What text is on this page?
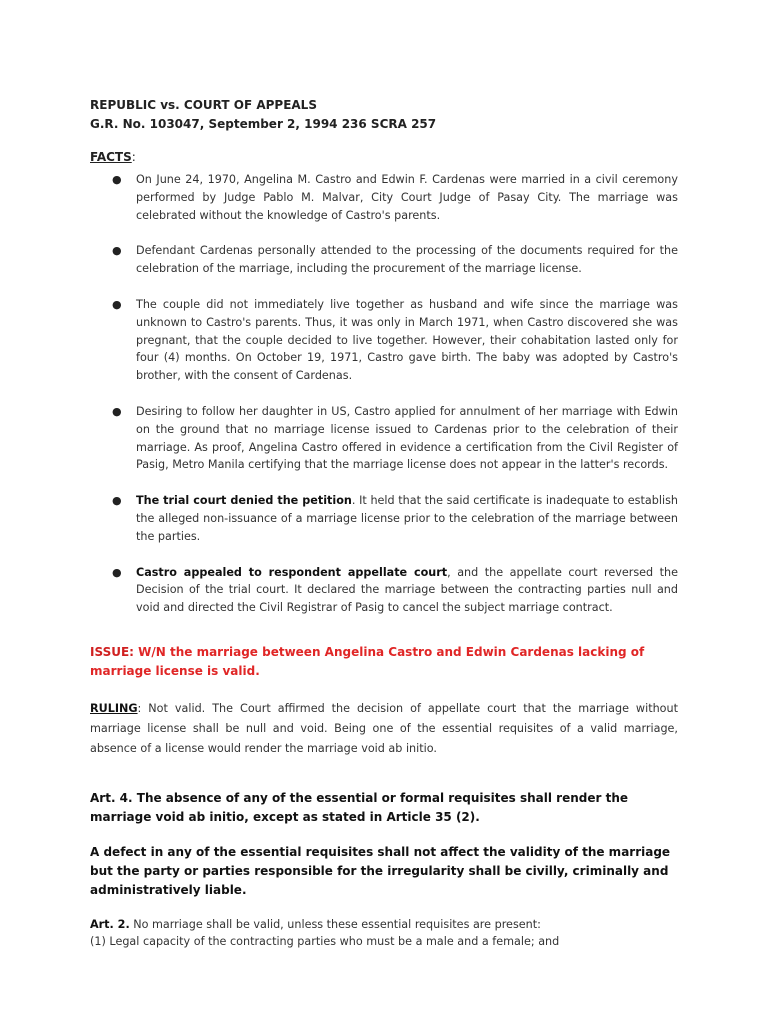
REPUBLIC vs. COURT OF APPEALS

G.R. No. 103047, September 2, 1994 236 SCRA 257

FACTS:

● On June 24, 1970, Angelina M. Castro and Edwin F. Cardenas were married in a civil ceremony performed by Judge Pablo M. Malvar, City Court Judge of Pasay City. The marriage was celebrated without the knowledge of Castro's parents.

● Defendant Cardenas personally attended to the processing of the documents required for the celebration of the marriage, including the procurement of the marriage license.

● The couple did not immediately live together as husband and wife since the marriage was unknown to Castro's parents. Thus, it was only in March 1971, when Castro discovered she was pregnant, that the couple decided to live together. However, their cohabitation lasted only for four (4) months. On October 19, 1971, Castro gave birth. The baby was adopted by Castro's brother, with the consent of Cardenas.

● Desiring to follow her daughter in US, Castro applied for annulment of her marriage with Edwin on the ground that no marriage license issued to Cardenas prior to the celebration of their marriage. As proof, Angelina Castro offered in evidence a certification from the Civil Register of Pasig, Metro Manila certifying that the marriage license does not appear in the latter's records.

● The trial court denied the petition. It held that the said certificate is inadequate to establish the alleged non-issuance of a marriage license prior to the celebration of the marriage between the parties.

● Castro appealed to respondent appellate court, and the appellate court reversed the Decision of the trial court. It declared the marriage between the contracting parties null and void and directed the Civil Registrar of Pasig to cancel the subject marriage contract.

ISSUE: W/N the marriage between Angelina Castro and Edwin Cardenas lacking of marriage license is valid.

RULING: Not valid. The Court affirmed the decision of appellate court that the marriage without marriage license shall be null and void. Being one of the essential requisites of a valid marriage, absence of a license would render the marriage void ab initio.

Art. 4. The absence of any of the essential or formal requisites shall render the marriage void ab initio, except as stated in Article 35 (2).

A defect in any of the essential requisites shall not affect the validity of the marriage but the party or parties responsible for the irregularity shall be civilly, criminally and administratively liable.

Art. 2. No marriage shall be valid, unless these essential requisites are present:

(1) Legal capacity of the contracting parties who must be a male and a female; and
